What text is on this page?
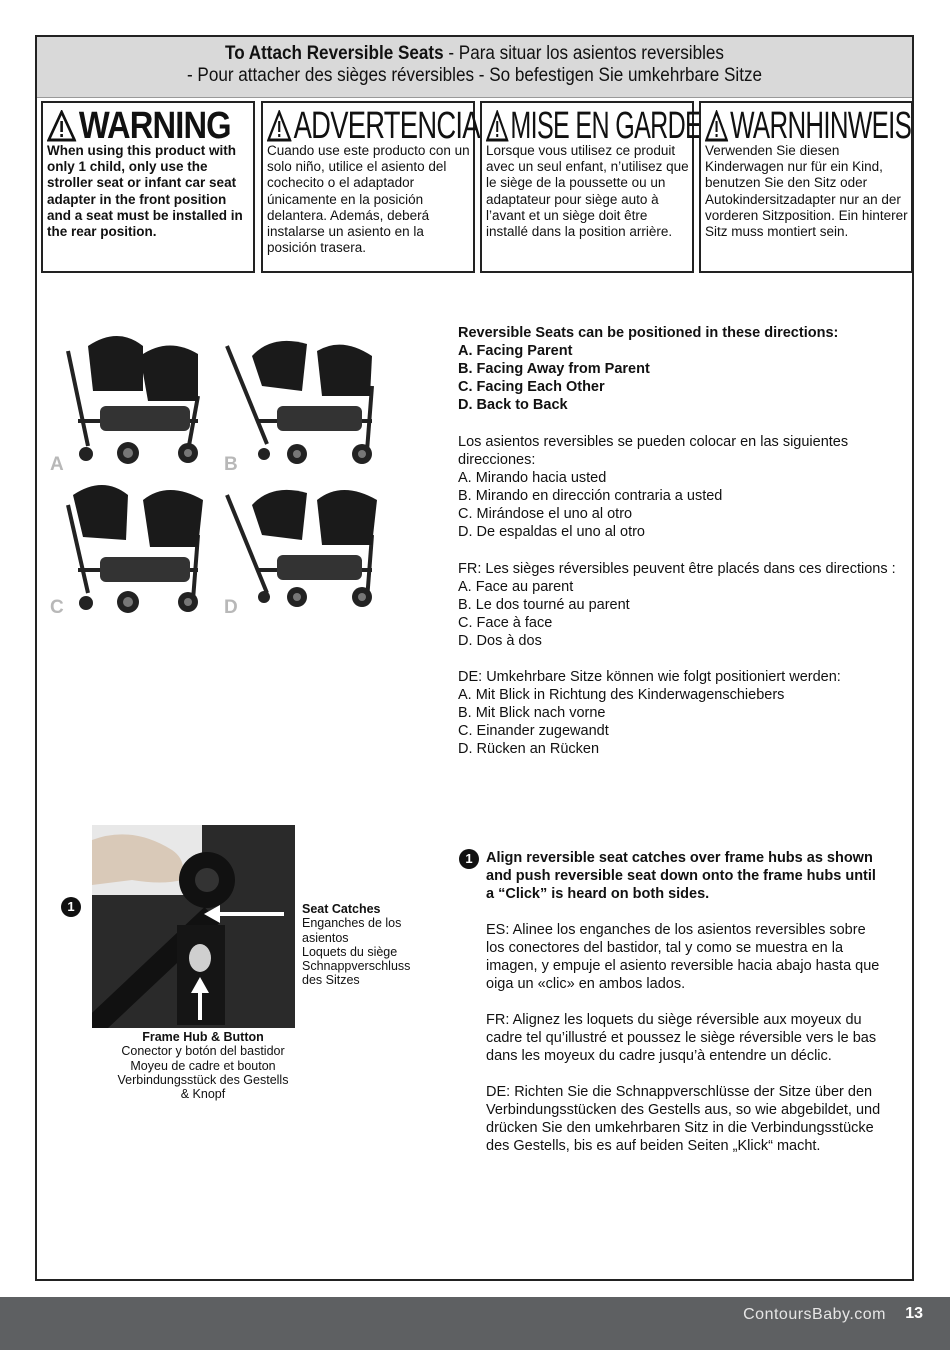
To Attach Reversible Seats - Para situar los asientos reversibles
- Pour attacher des sièges réversibles - So befestigen Sie umkehrbare Sitze
WARNING
When using this product with only 1 child, only use the stroller seat or infant car seat adapter in the front position and a seat must be installed in the rear position.
ADVERTENCIA
Cuando use este producto con un solo niño, utilice el asiento del cochecito o el adaptador únicamente en la posición delantera. Además, deberá instalarse un asiento en la posición trasera.
MISE EN GARDE
Lorsque vous utilisez ce produit avec un seul enfant, n’utilisez que le siège de la poussette ou un adaptateur pour siège auto à l’avant et un siège doit être installé dans la position arrière.
WARNHINWEIS
Verwenden Sie diesen Kinderwagen nur für ein Kind, benutzen Sie den Sitz oder Autokindersitzadapter nur an der vorderen Sitzposition. Ein hinterer Sitz muss montiert sein.
A	B
C	D
Reversible Seats can be positioned in these directions:
A. Facing Parent
B. Facing Away from Parent
C. Facing Each Other
D. Back to Back
Los asientos reversibles se pueden colocar en las siguientes
direcciones:
A. Mirando hacia usted
B. Mirando en dirección contraria a usted
C. Mirándose el uno al otro
D. De espaldas el uno al otro
FR: Les sièges réversibles peuvent être placés dans ces directions :
A. Face au parent
B. Le dos tourné au parent
C. Face à face
D. Dos à dos
DE: Umkehrbare Sitze können wie folgt positioniert werden:
A. Mit Blick in Richtung des Kinderwagenschiebers
B. Mit Blick nach vorne
C. Einander zugewandt
D. Rücken an Rücken
1	Seat Catches
Enganches de los
asientos
Loquets du siège
Schnappverschluss
des Sitzes
Frame Hub & Button
Conector y botón del bastidor
Moyeu de cadre et bouton
Verbindungsstück des Gestells
& Knopf
1 Align reversible seat catches over frame hubs as shown and push reversible seat down onto the frame hubs until a “Click” is heard on both sides.

ES: Alinee los enganches de los asientos reversibles sobre los conectores del bastidor, tal y como se muestra en la imagen, y empuje el asiento reversible hacia abajo hasta que oiga un «clic» en ambos lados.

FR: Alignez les loquets du siège réversible aux moyeux du cadre tel qu’illustré et poussez le siège réversible vers le bas dans les moyeux du cadre jusqu’à entendre un déclic.

DE: Richten Sie die Schnappverschlüsse der Sitze über den Verbindungsstücken des Gestells aus, so wie abgebildet, und drücken Sie den umkehrbaren Sitz in die Verbindungsstücke des Gestells, bis es auf beiden Seiten „Klick“ macht.

ContoursBaby.com 13
